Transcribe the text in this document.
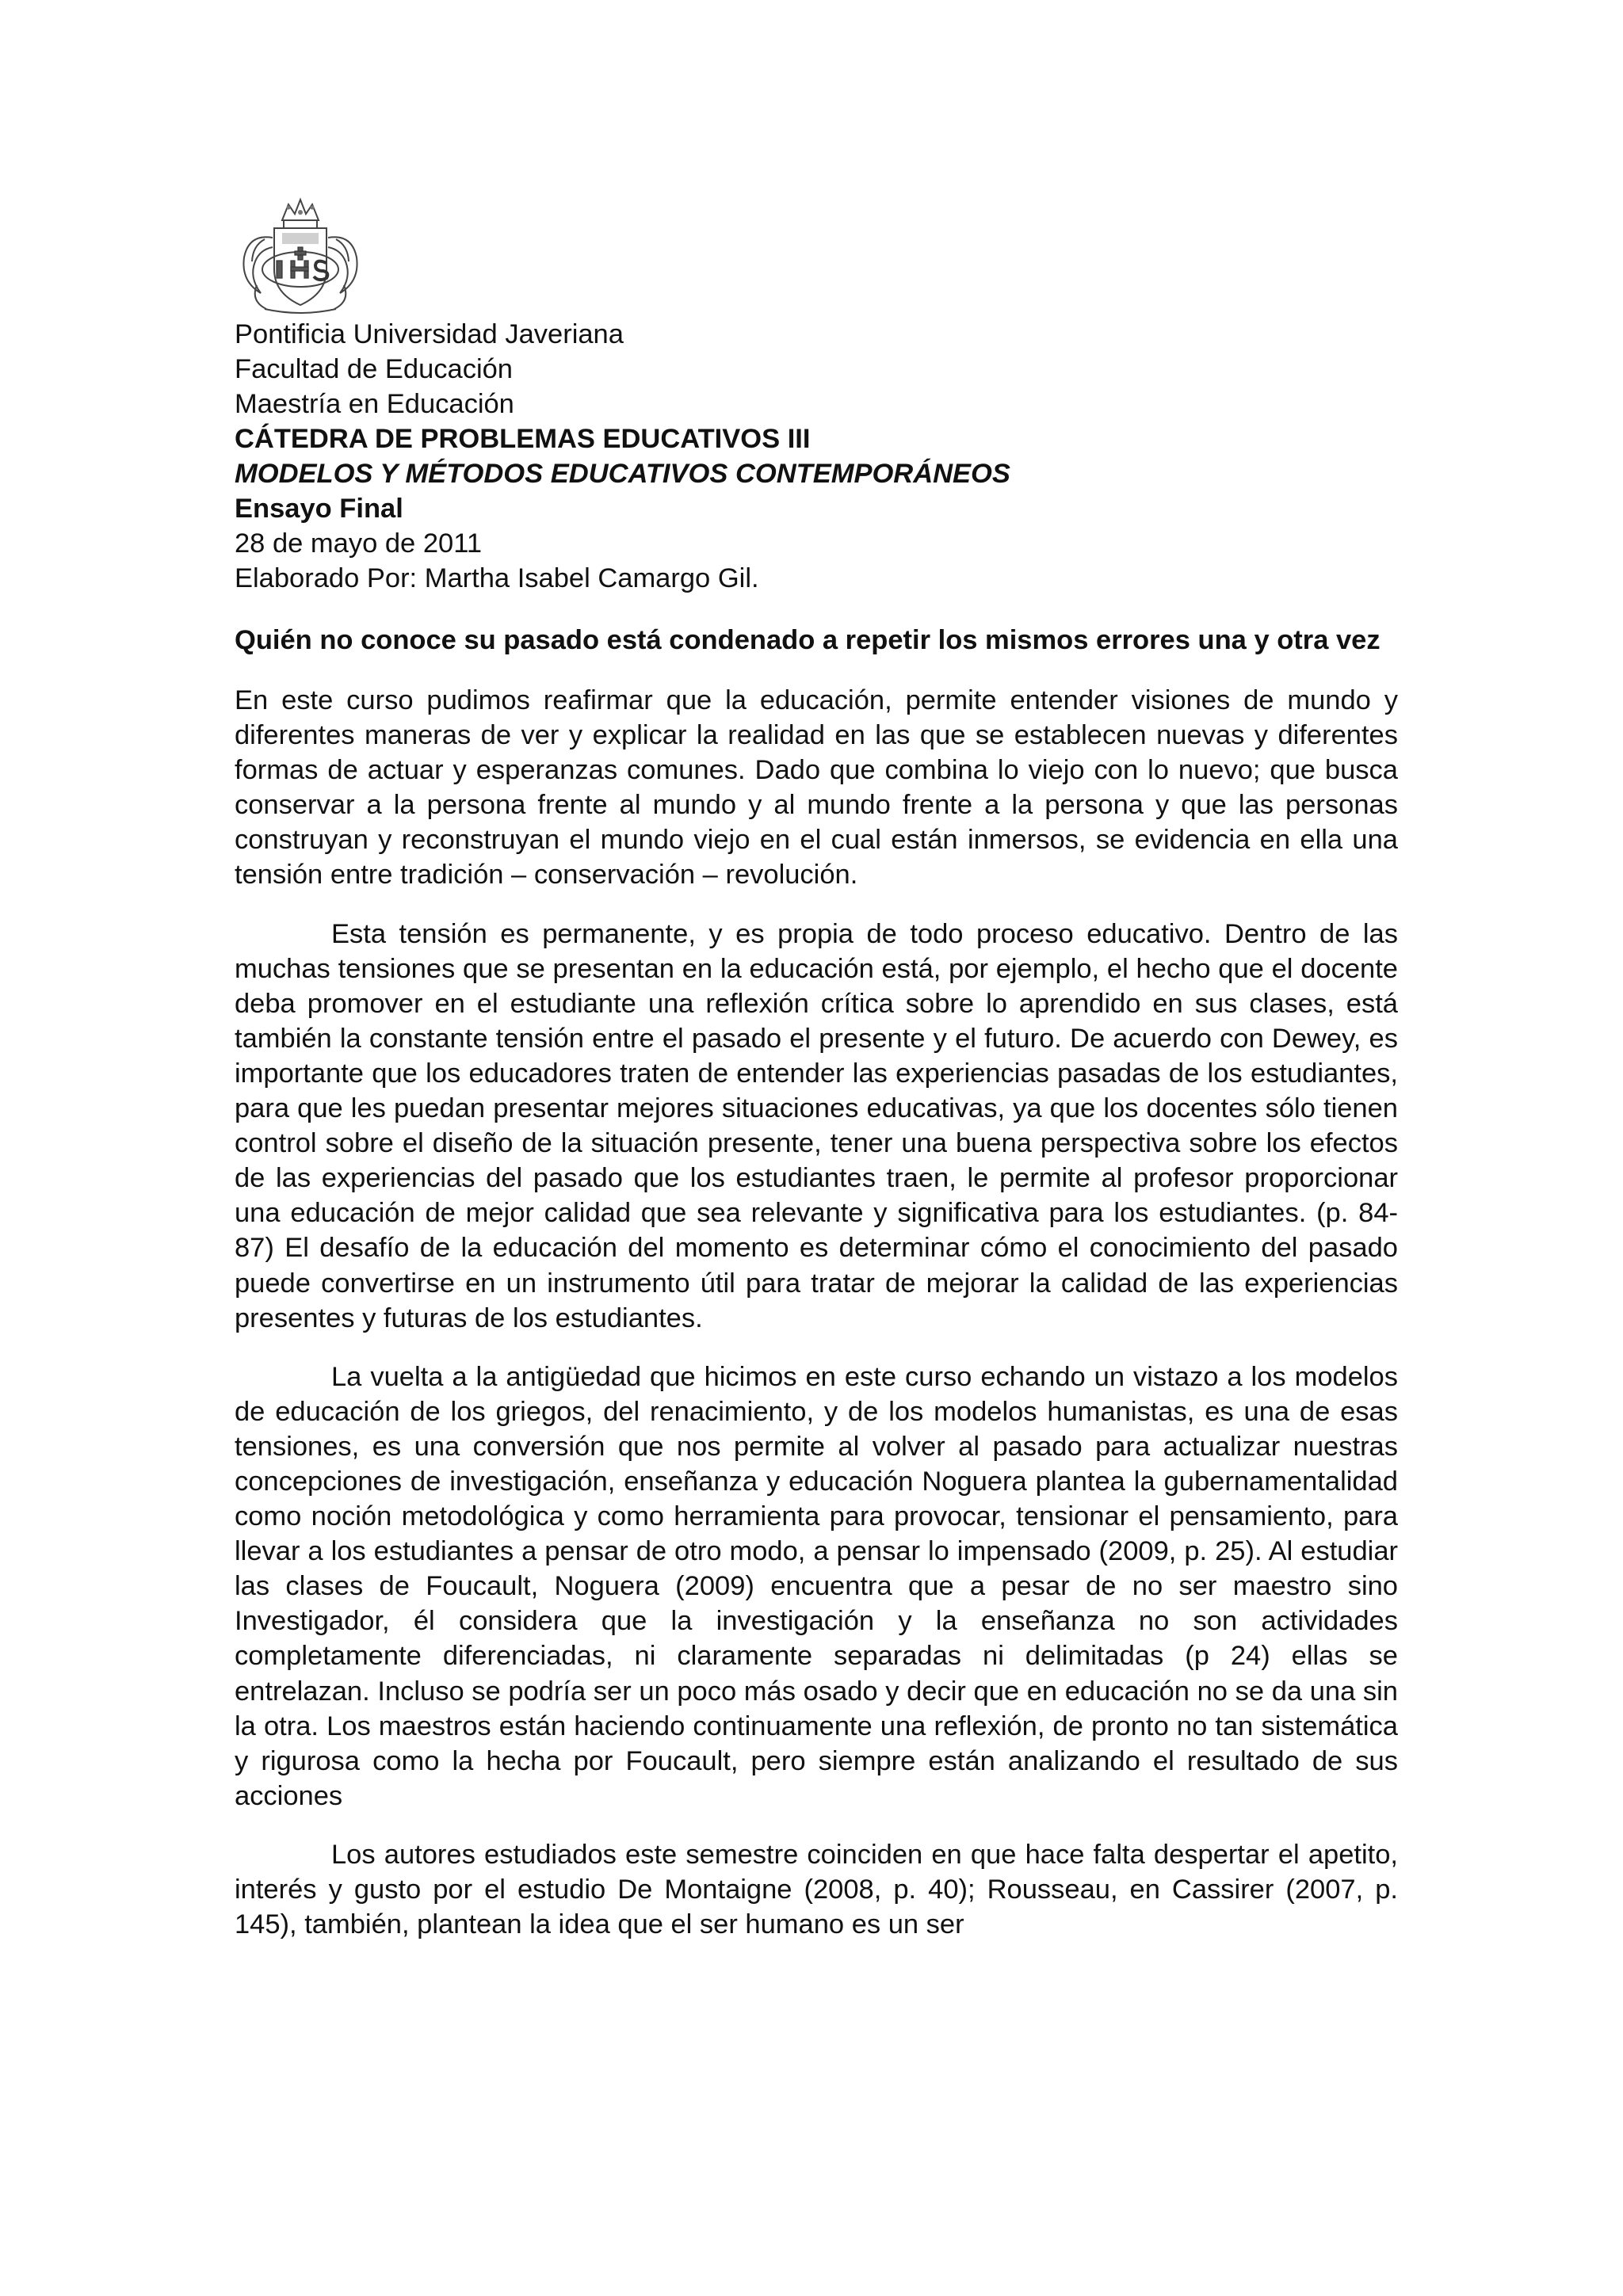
Pontificia Universidad Javeriana
Facultad de Educación
Maestría en Educación
CÁTEDRA DE PROBLEMAS EDUCATIVOS III
MODELOS Y MÉTODOS EDUCATIVOS CONTEMPORÁNEOS
Ensayo Final
28 de mayo de 2011
Elaborado Por: Martha Isabel Camargo Gil.
Quién no conoce su pasado está condenado a repetir los mismos errores una y otra vez

En este curso pudimos reafirmar que la educación, permite entender visiones de mundo y diferentes maneras de ver y explicar la realidad en las que se establecen nuevas y diferentes formas de actuar y esperanzas comunes. Dado que combina lo viejo con lo nuevo; que busca conservar a la persona frente al mundo y al mundo frente a la persona y que las personas construyan y reconstruyan el mundo viejo en el cual están inmersos, se evidencia en ella una tensión entre tradición – conservación – revolución.

Esta tensión es permanente, y es propia de todo proceso educativo. Dentro de las muchas tensiones que se presentan en la educación está, por ejemplo, el hecho que el docente deba promover en el estudiante una reflexión crítica sobre lo aprendido en sus clases, está también la constante tensión entre el pasado el presente y el futuro. De acuerdo con Dewey, es importante que los educadores traten de entender las experiencias pasadas de los estudiantes, para que les puedan presentar mejores situaciones educativas, ya que los docentes sólo tienen control sobre el diseño de la situación presente, tener una buena perspectiva sobre los efectos de las experiencias del pasado que los estudiantes traen, le permite al profesor proporcionar una educación de mejor calidad que sea relevante y significativa para los estudiantes. (p. 84-87) El desafío de la educación del momento es determinar cómo el conocimiento del pasado puede convertirse en un instrumento útil para tratar de mejorar la calidad de las experiencias presentes y futuras de los estudiantes.

La vuelta a la antigüedad que hicimos en este curso echando un vistazo a los modelos de educación de los griegos, del renacimiento, y de los modelos humanistas, es una de esas tensiones, es una conversión que nos permite al volver al pasado para actualizar nuestras concepciones de investigación, enseñanza y educación Noguera plantea la gubernamentalidad como noción metodológica y como herramienta para provocar, tensionar el pensamiento, para llevar a los estudiantes a pensar de otro modo, a pensar lo impensado (2009, p. 25). Al estudiar las clases de Foucault, Noguera (2009) encuentra que a pesar de no ser maestro sino Investigador, él considera que la investigación y la enseñanza no son actividades completamente diferenciadas, ni claramente separadas ni delimitadas (p 24) ellas se entrelazan. Incluso se podría ser un poco más osado y decir que en educación no se da una sin la otra. Los maestros están haciendo continuamente una reflexión, de pronto no tan sistemática y rigurosa como la hecha por Foucault, pero siempre están analizando el resultado de sus acciones

Los autores estudiados este semestre coinciden en que hace falta despertar el apetito, interés y gusto por el estudio De Montaigne (2008, p. 40); Rousseau, en Cassirer (2007, p. 145), también, plantean la idea que el ser humano es un ser
